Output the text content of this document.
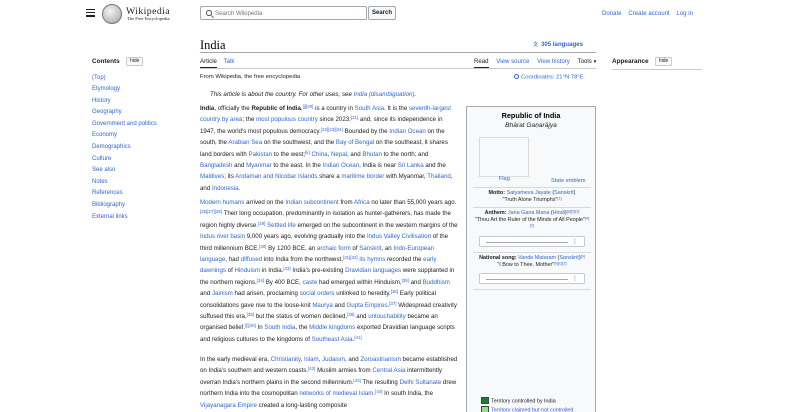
Wikipedia
The Free Encyclopedia
Search Wikipedia
Search	Donate Create account Log in
Contents hide
(Top)
Etymology
History
Geography
Government and politics
Economy
Demographics
Culture
See also
Notes
References
Bibliography
External links
India	文 305 languages
Article Talk	Read View source View history Tools▼	Appearance hide
From Wikipedia, the free encyclopedia	Coordinates: 21°N 78°E
This article is about the country. For other uses, see India (disambiguation).

India, officially the Republic of India,[j][20] is a country in South Asia. It is the seventh-largest country by area; the most populous country since 2023;[21] and, since its independence in 1947, the world's most populous democracy.[22][23][24] Bounded by the Indian Ocean on the south, the Arabian Sea on the southwest, and the Bay of Bengal on the southeast, it shares land borders with Pakistan to the west;[k] China, Nepal, and Bhutan to the north; and Bangladesh and Myanmar to the east. In the Indian Ocean, India is near Sri Lanka and the Maldives; its Andaman and Nicobar Islands share a maritime border with Myanmar, Thailand, and Indonesia.

Modern humans arrived on the Indian subcontinent from Africa no later than 55,000 years ago.[26][27][28] Their long occupation, predominantly in isolation as hunter-gatherers, has made the region highly diverse.[29] Settled life emerged on the subcontinent in the western margins of the Indus river basin 9,000 years ago, evolving gradually into the Indus Valley Civilisation of the third millennium BCE.[30] By 1200 BCE, an archaic form of Sanskrit, an Indo-European language, had diffused into India from the northwest,[31][32] its hymns recorded the early dawnings of Hinduism in India.[33] India's pre-existing Dravidian languages were supplanted in the northern regions.[34] By 400 BCE, caste had emerged within Hinduism,[35] and Buddhism and Jainism had arisen, proclaiming social orders unlinked to heredity.[36] Early political consolidations gave rise to the loose-knit Maurya and Gupta Empires.[37] Widespread creativity suffused this era,[38] but the status of women declined,[39] and untouchability became an organised belief.[l][40] In South India, the Middle kingdoms exported Dravidian language scripts and religious cultures to the kingdoms of Southeast Asia.[41]

In the early medieval era, Christianity, Islam, Judaism, and Zoroastrianism became established on India's southern and western coasts.[42] Muslim armies from Central Asia intermittently overran India's northern plains in the second millennium.[43] The resulting Delhi Sultanate drew northern India into the cosmopolitan networks of medieval Islam.[44] In south India, the Vijayanagara Empire created a long-lasting composite

Republic of India
Bhārat Gaṇarājya
Flag	State emblem
Motto: Satyameva Jayate (Sanskrit)
"Truth Alone Triumphs"[1]
Anthem: Jana Gana Mana (Hindi)[a][2][3]
"Thou Art the Ruler of the Minds of All People"[4][2]
⋮
National song: Vande Mataram (Sanskrit)[b]
"I Bow to Thee, Mother"[b][c][2]
⋮
Territory controlled by India
Territory claimed but not controlled
